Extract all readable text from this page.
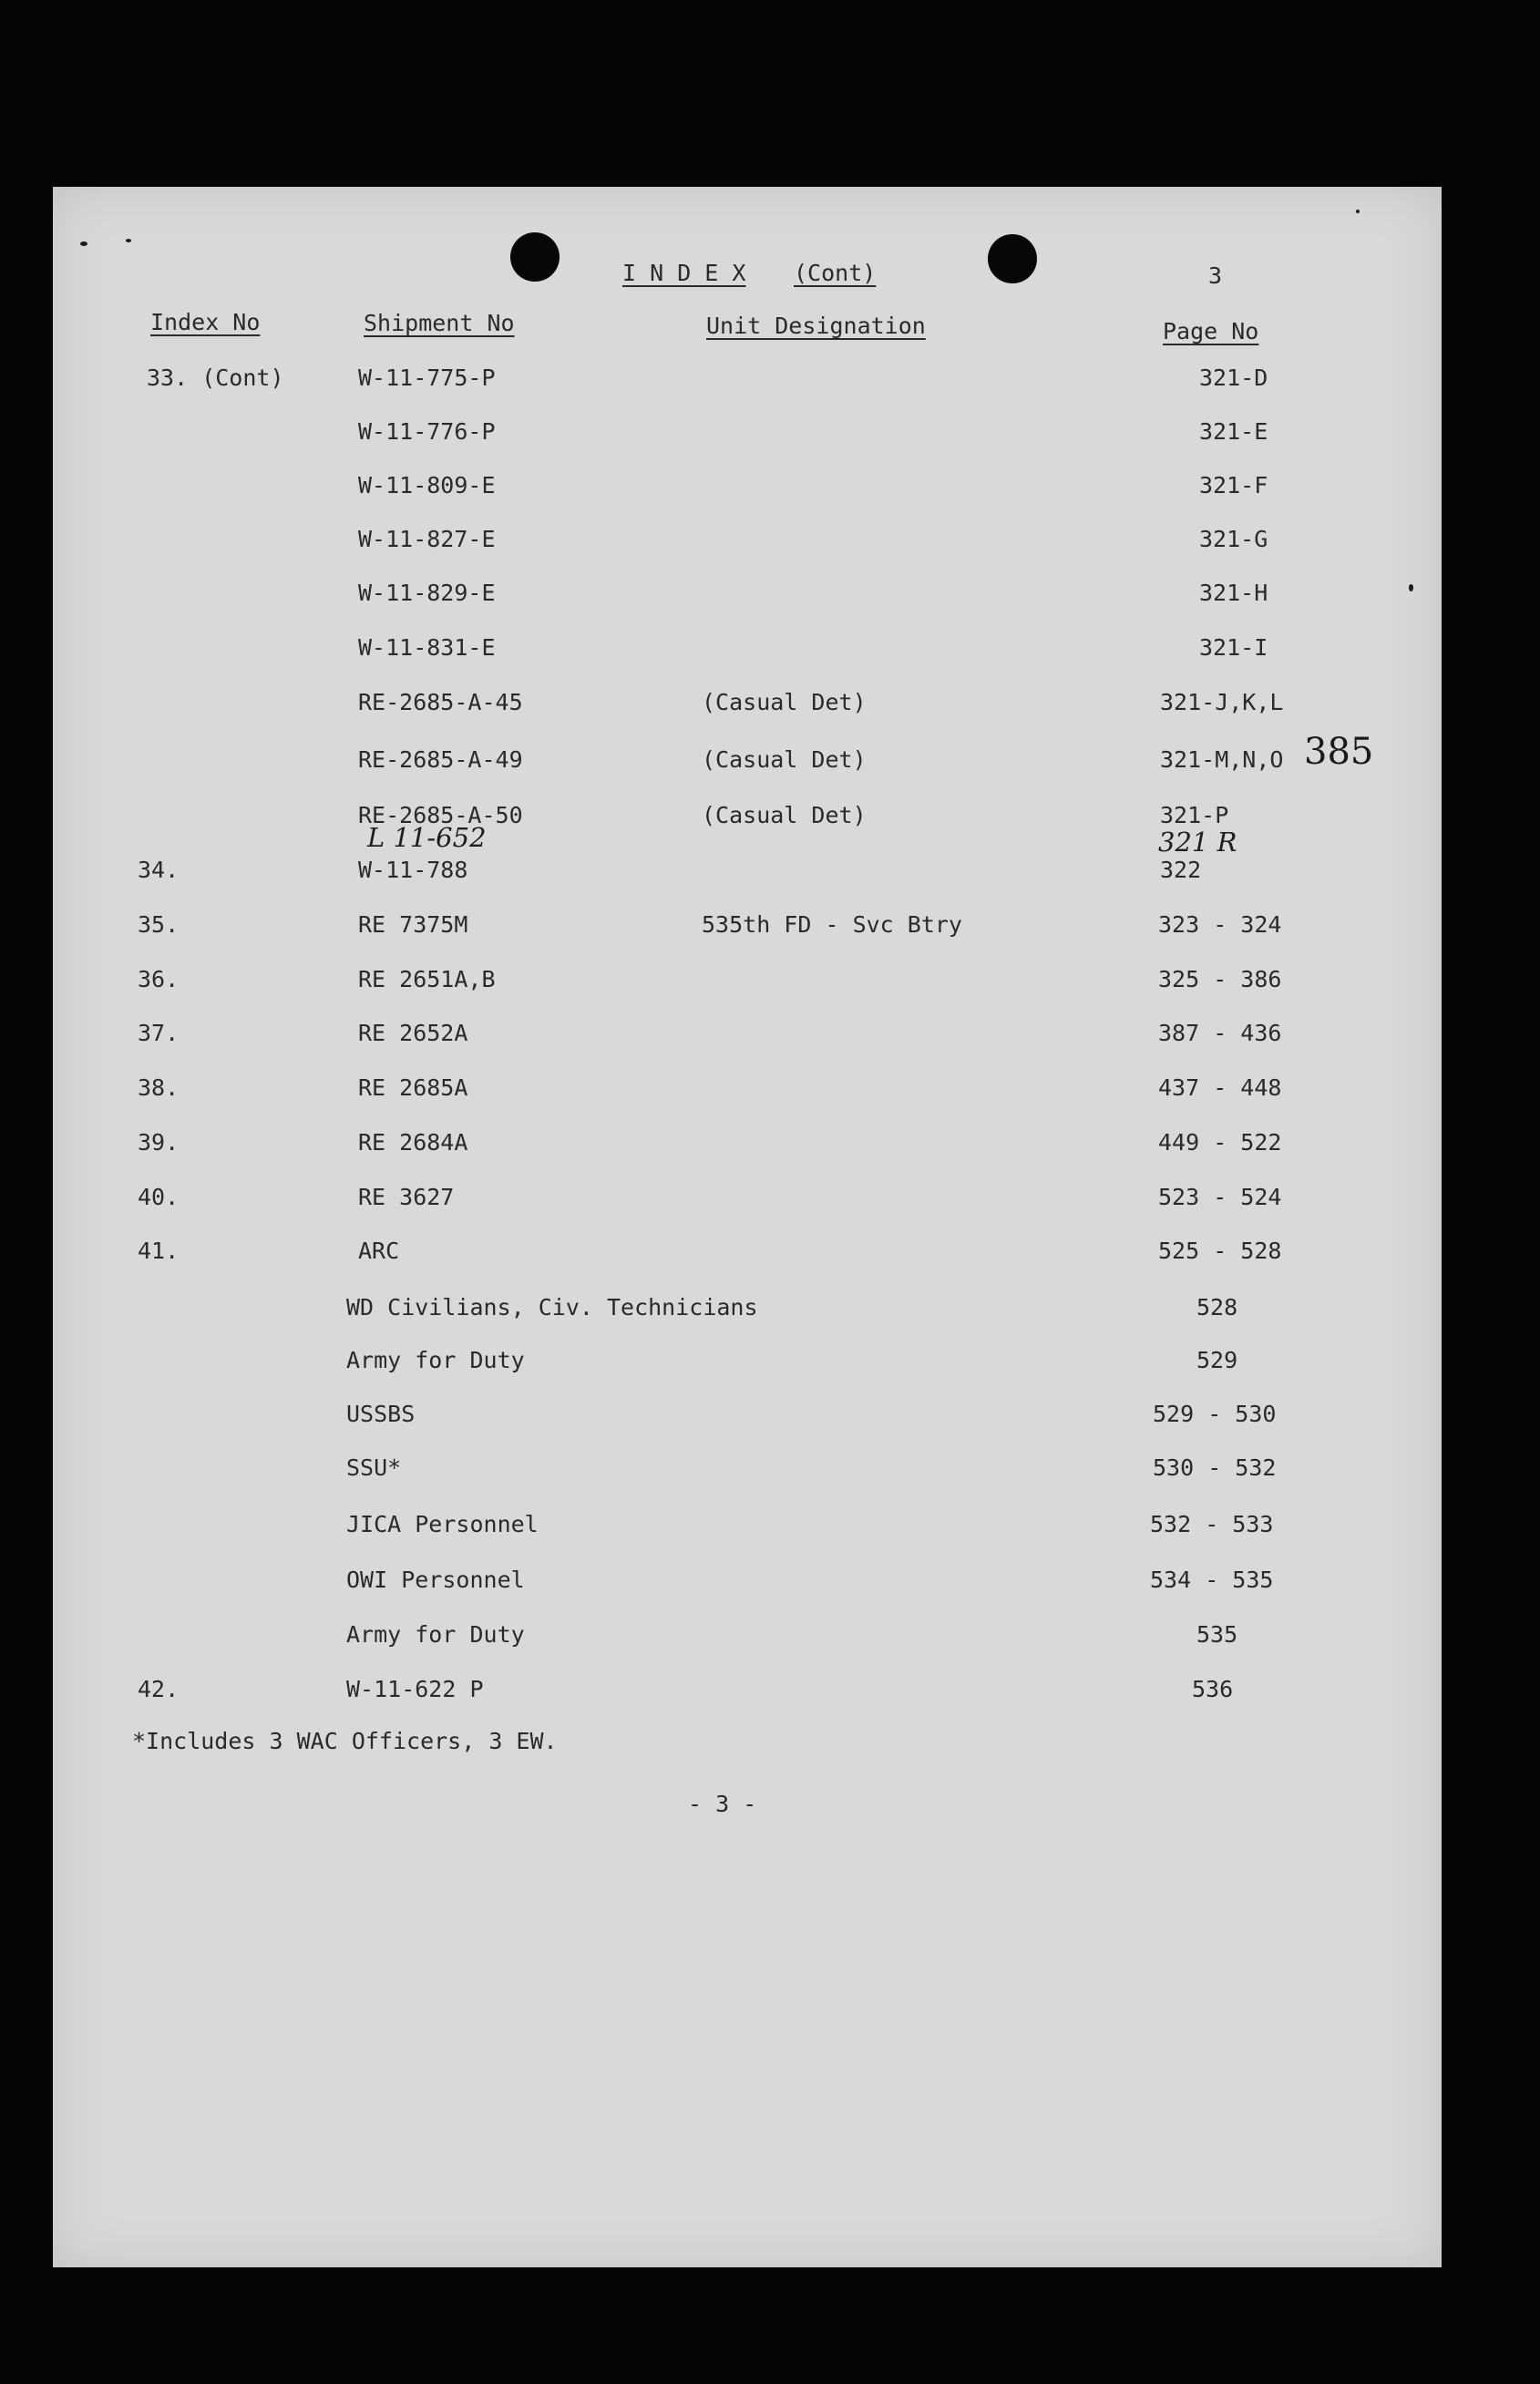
I N D E X (Cont)	3
Index No	Shipment No	Unit Designation	Page No
33. (Cont)	W-11-775-P	321-D
W-11-776-P	321-E
W-11-809-E	321-F
W-11-827-E	321-G
W-11-829-E	321-H
W-11-831-E	321-I
RE-2685-A-45	(Casual Det)	321-J,K,L
RE-2685-A-49	(Casual Det)	321-M,N,O
RE-2685-A-50	(Casual Det)	321-P
34.	W-11-788	322
35.	RE 7375M	535th FD - Svc Btry	323 - 324
36.	RE 2651A,B	325 - 386
37.	RE 2652A	387 - 436
38.	RE 2685A	437 - 448
39.	RE 2684A	449 - 522
40.	RE 3627	523 - 524
41.	ARC	525 - 528
WD Civilians, Civ. Technicians	528
Army for Duty	529
USSBS	529 - 530
SSU*	530 - 532
JICA Personnel	532 - 533
OWI Personnel	534 - 535
Army for Duty	535
42.	W-11-622 P	536
L 11-652	321 R
385
*Includes 3 WAC Officers, 3 EW.
- 3 -
